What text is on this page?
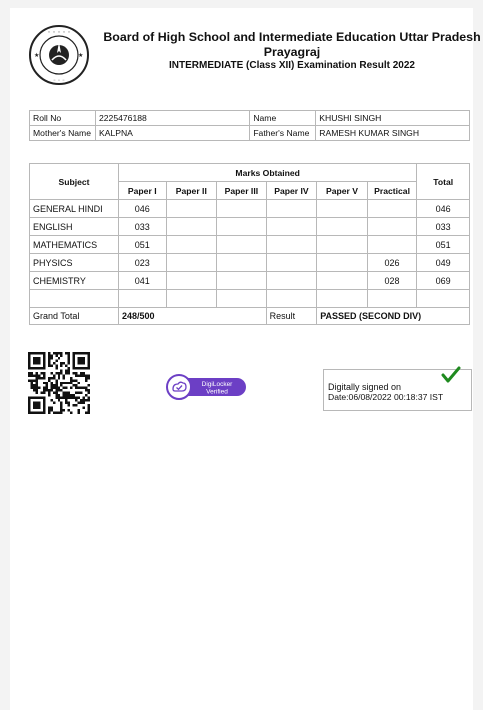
◦ ◦ ◦ ◦ ◦
◦ ◦ ◦
★	★
Board of High School and Intermediate Education Uttar Pradesh Prayagraj
INTERMEDIATE (Class XII) Examination Result 2022
Roll No	2225476188	Name	KHUSHI SINGH
Mother's Name	KALPNA	Father's Name	RAMESH KUMAR SINGH
Subject	Marks Obtained						Total
	Paper I	Paper II	Paper III	Paper IV	Paper V	Practical	
GENERAL HINDI	046						046
ENGLISH	033						033
MATHEMATICS	051						051
PHYSICS	023					026	049
CHEMISTRY	041					028	069

Grand Total	248/500			Result	PASSED (SECOND DIV)		
DigiLocker
Verified	Digitally signed on
Date:06/08/2022 00:18:37 IST
